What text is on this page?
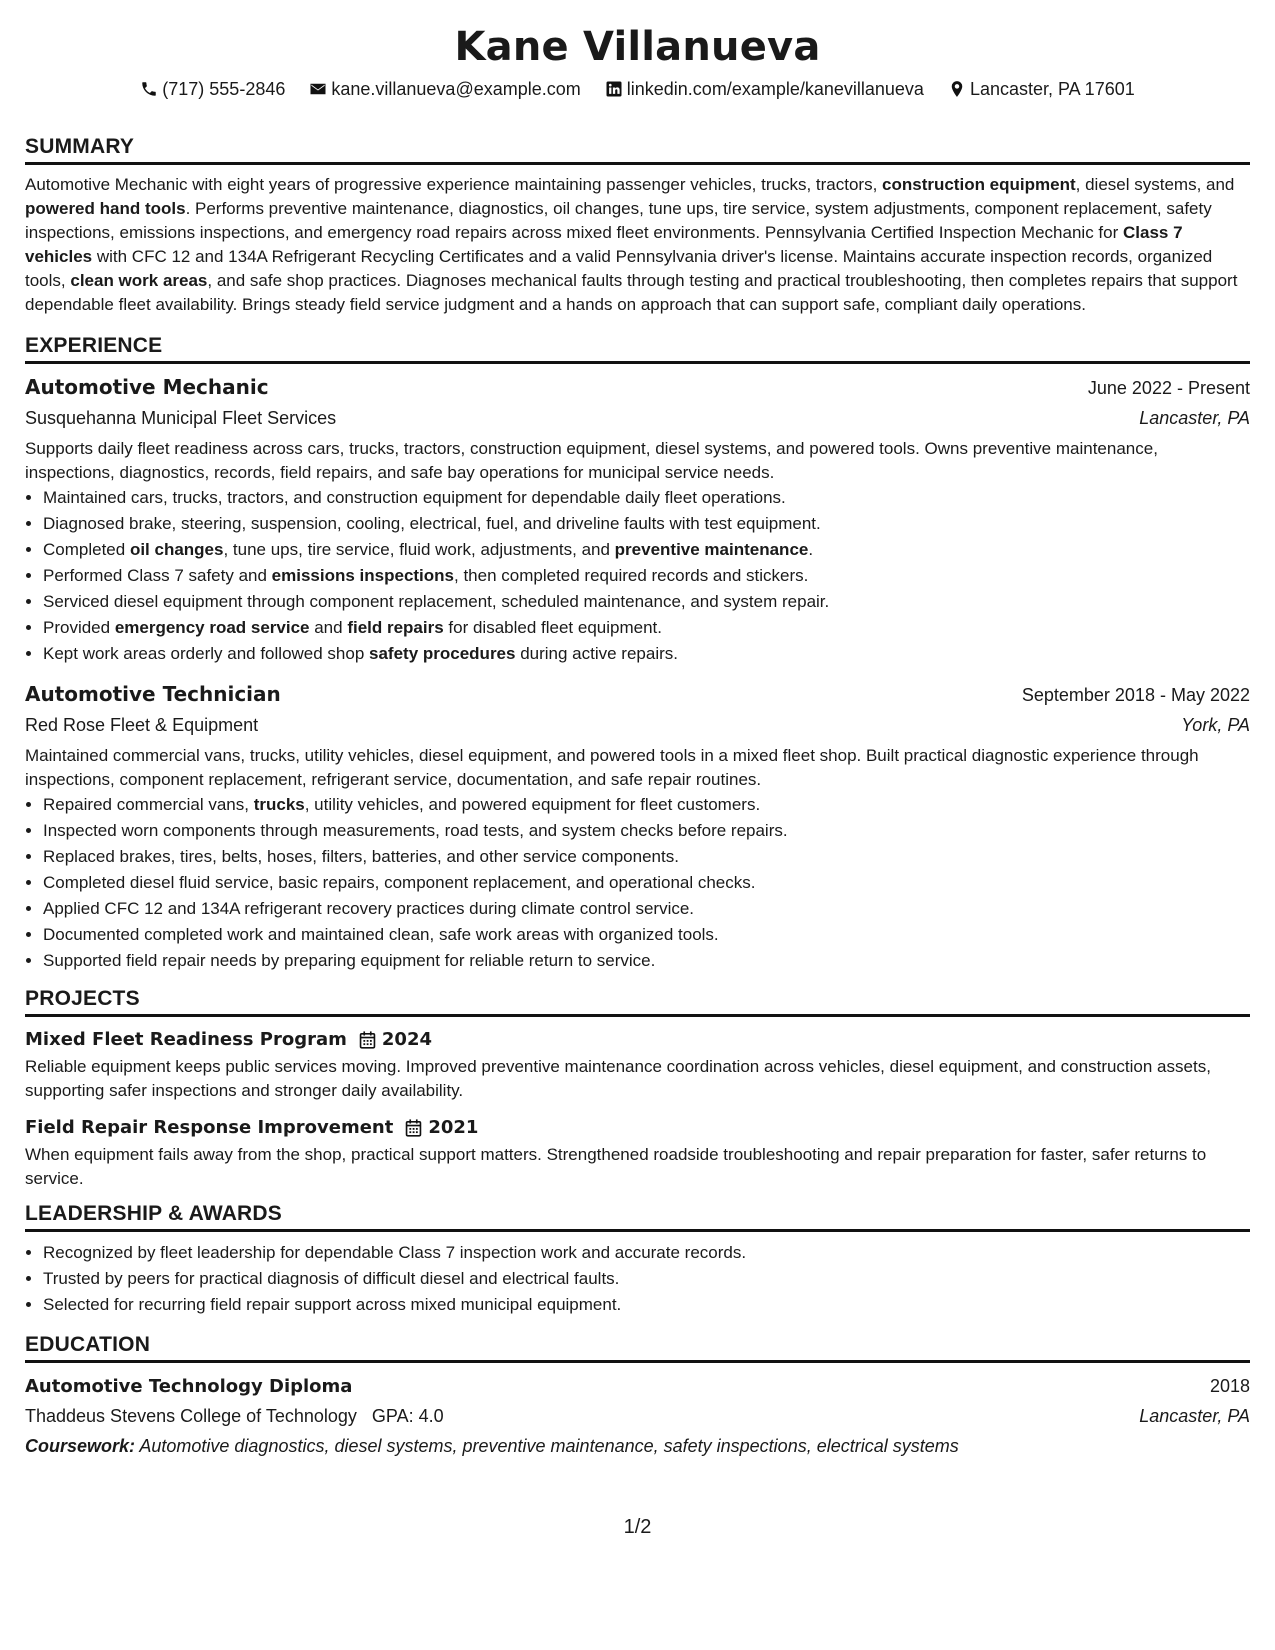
Kane Villanueva
(717) 555-2846	kane.villanueva@example.com	linkedin.com/example/kanevillanueva	Lancaster, PA 17601
SUMMARY
Automotive Mechanic with eight years of progressive experience maintaining passenger vehicles, trucks, tractors, construction equipment, diesel systems, and powered hand tools. Performs preventive maintenance, diagnostics, oil changes, tune ups, tire service, system adjustments, component replacement, safety inspections, emissions inspections, and emergency road repairs across mixed fleet environments. Pennsylvania Certified Inspection Mechanic for Class 7 vehicles with CFC 12 and 134A Refrigerant Recycling Certificates and a valid Pennsylvania driver's license. Maintains accurate inspection records, organized tools, clean work areas, and safe shop practices. Diagnoses mechanical faults through testing and practical troubleshooting, then completes repairs that support dependable fleet availability. Brings steady field service judgment and a hands on approach that can support safe, compliant daily operations.
EXPERIENCE
Automotive Mechanic	June 2022 - Present
Susquehanna Municipal Fleet Services	Lancaster, PA
Supports daily fleet readiness across cars, trucks, tractors, construction equipment, diesel systems, and powered tools. Owns preventive maintenance, inspections, diagnostics, records, field repairs, and safe bay operations for municipal service needs.
• Maintained cars, trucks, tractors, and construction equipment for dependable daily fleet operations.
• Diagnosed brake, steering, suspension, cooling, electrical, fuel, and driveline faults with test equipment.
• Completed oil changes, tune ups, tire service, fluid work, adjustments, and preventive maintenance.
• Performed Class 7 safety and emissions inspections, then completed required records and stickers.
• Serviced diesel equipment through component replacement, scheduled maintenance, and system repair.
• Provided emergency road service and field repairs for disabled fleet equipment.
• Kept work areas orderly and followed shop safety procedures during active repairs.
Automotive Technician	September 2018 - May 2022
Red Rose Fleet & Equipment	York, PA
Maintained commercial vans, trucks, utility vehicles, diesel equipment, and powered tools in a mixed fleet shop. Built practical diagnostic experience through inspections, component replacement, refrigerant service, documentation, and safe repair routines.
• Repaired commercial vans, trucks, utility vehicles, and powered equipment for fleet customers.
• Inspected worn components through measurements, road tests, and system checks before repairs.
• Replaced brakes, tires, belts, hoses, filters, batteries, and other service components.
• Completed diesel fluid service, basic repairs, component replacement, and operational checks.
• Applied CFC 12 and 134A refrigerant recovery practices during climate control service.
• Documented completed work and maintained clean, safe work areas with organized tools.
• Supported field repair needs by preparing equipment for reliable return to service.
PROJECTS
Mixed Fleet Readiness Program 2024
Reliable equipment keeps public services moving. Improved preventive maintenance coordination across vehicles, diesel equipment, and construction assets, supporting safer inspections and stronger daily availability.
Field Repair Response Improvement 2021
When equipment fails away from the shop, practical support matters. Strengthened roadside troubleshooting and repair preparation for faster, safer returns to service.
LEADERSHIP & AWARDS
• Recognized by fleet leadership for dependable Class 7 inspection work and accurate records.
• Trusted by peers for practical diagnosis of difficult diesel and electrical faults.
• Selected for recurring field repair support across mixed municipal equipment.
EDUCATION
Automotive Technology Diploma	2018
Thaddeus Stevens College of Technology GPA: 4.0	Lancaster, PA
Coursework: Automotive diagnostics, diesel systems, preventive maintenance, safety inspections, electrical systems
1/2
